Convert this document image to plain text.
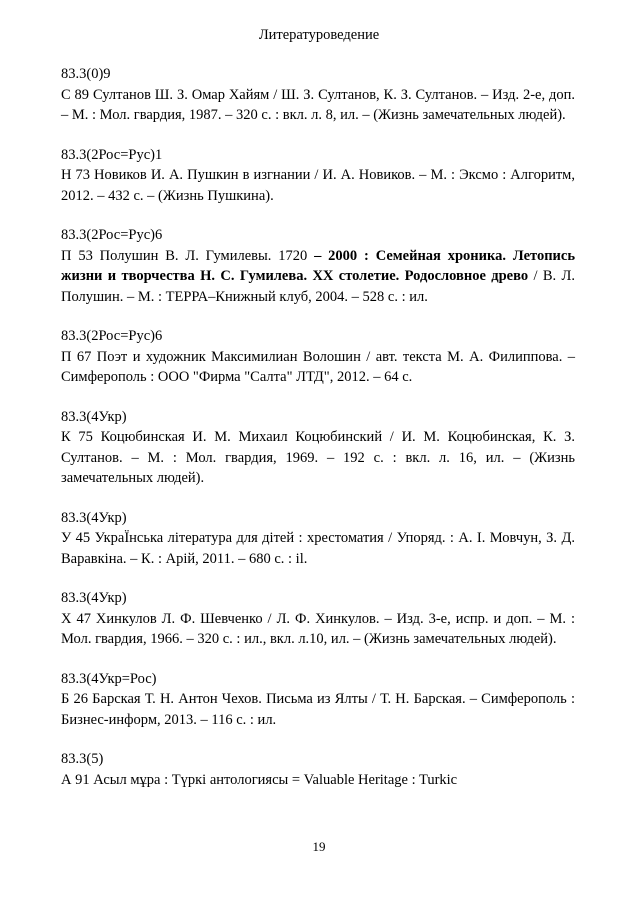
Литературоведение
83.3(0)9
С 89 Султанов Ш. З. Омар Хайям / Ш. З. Султанов, К. З. Султанов. – Изд. 2-е, доп. – М. : Мол. гвардия, 1987. – 320 с. : вкл. л. 8, ил. – (Жизнь замечательных людей).
83.3(2Рос=Рус)1
Н 73 Новиков И. А. Пушкин в изгнании / И. А. Новиков. – М. : Эксмо : Алгоритм, 2012. – 432 с. – (Жизнь Пушкина).
83.3(2Рос=Рус)6
П 53 Полушин В. Л. Гумилевы. 1720 – 2000 : Семейная хроника. Летопись жизни и творчества Н. С. Гумилева. XX столетие. Родословное древо / В. Л. Полушин. – М. : ТЕРРА–Книжный клуб, 2004. – 528 с. : ил.
83.3(2Рос=Рус)6
П 67 Поэт и художник Максимилиан Волошин / авт. текста М. А. Филиппова. – Симферополь : ООО "Фирма "Салта" ЛТД", 2012. – 64 с.
83.3(4Укр)
К 75 Коцюбинская И. М. Михаил Коцюбинский / И. М. Коцюбинская, К. З. Султанов. – М. : Мол. гвардия, 1969. – 192 с. : вкл. л. 16, ил. – (Жизнь замечательных людей).
83.3(4Укр)
У 45 УкраЇнська література для дітей : хрестоматия / Упоряд. : А. І. Мовчун, З. Д. Варавкіна. – К. : Арій, 2011. – 680 с. : il.
83.3(4Укр)
Х 47 Хинкулов Л. Ф. Шевченко / Л. Ф. Хинкулов. – Изд. 3-е, испр. и доп. – М. : Мол. гвардия, 1966. – 320 с. : ил., вкл. л.10, ил. – (Жизнь замечательных людей).
83.3(4Укр=Рос)
Б 26 Барская Т. Н. Антон Чехов. Письма из Ялты / Т. Н. Барская. – Симферополь : Бизнес-информ, 2013. – 116 с. : ил.
83.3(5)
А 91 Асыл мұра : Түркі антологиясы = Valuable Heritage : Turkic
19
